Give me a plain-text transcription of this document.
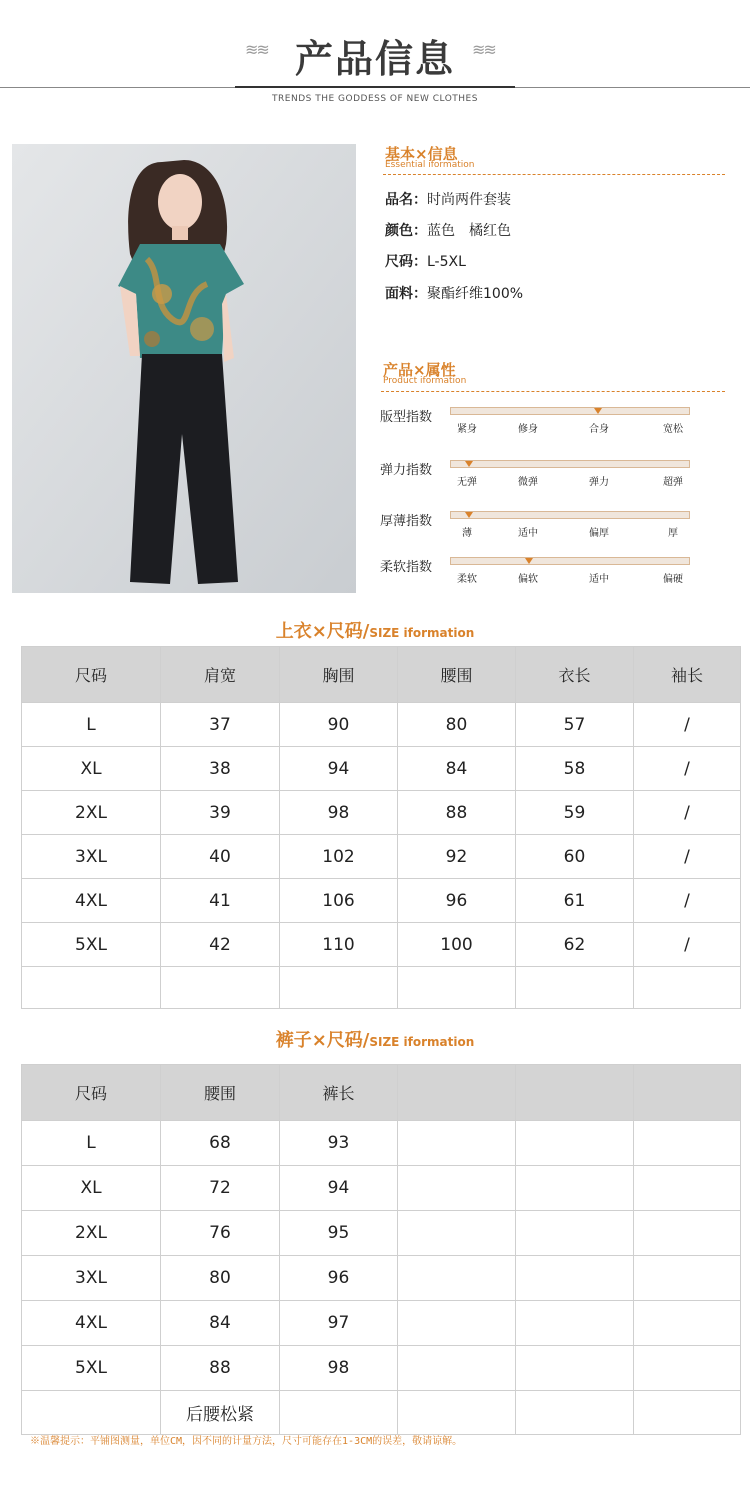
≋≋ 产品信息	≋≋
TRENDS THE GODDESS OF NEW CLOTHES
基本×信息
Essential iformation
品名：时尚两件套装
颜色：蓝色　橘红色
尺码：L-5XL
面料：聚酯纤维100%
产品×属性
Product iformation
版型指数
紧身	修身	合身	宽松
弹力指数
无弹	微弹	弹力	超弹
厚薄指数
薄	适中	偏厚	厚
柔软指数
柔软	偏软	适中	偏硬
上衣×尺码/SIZE iformation
尺码	肩宽	胸围	腰围	衣长	袖长
L	37	90	80	57	/
XL	38	94	84	58	/
2XL	39	98	88	59	/
3XL	40	102	92	60	/
4XL	41	106	96	61	/
5XL	42	110	100	62	/

裤子×尺码/SIZE iformation
尺码	腰围	裤长			
L	68	93			
XL	72	94			
2XL	76	95			
3XL	80	96			
4XL	84	97			
5XL	88	98			
	后腰松紧				
※温馨提示：平铺图测量，单位CM，因不同的计量方法，尺寸可能存在1-3CM的误差，敬请谅解。
